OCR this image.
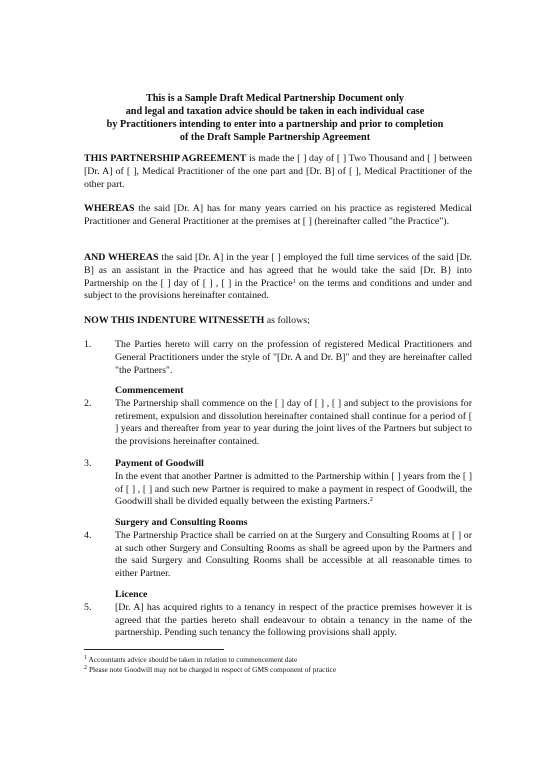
This is a Sample Draft Medical Partnership Document only
and legal and taxation advice should be taken in each individual case
by Practitioners intending to enter into a partnership and prior to completion
of the Draft Sample Partnership Agreement
THIS PARTNERSHIP AGREEMENT is made the [ ] day of [ ] Two Thousand and [ ] between [Dr. A] of [ ], Medical Practitioner of the one part and [Dr. B] of [ ], Medical Practitioner of the other part.
WHEREAS the said [Dr. A] has for many years carried on his practice as registered Medical Practitioner and General Practitioner at the premises at [ ] (hereinafter called "the Practice").
AND WHEREAS the said [Dr. A] in the year [ ] employed the full time services of the said [Dr. B] as an assistant in the Practice and has agreed that he would take the said [Dr. B} into Partnership on the [ ] day of [ ] , [ ] in the Practice$^1$ on the terms and conditions and under and subject to the provisions hereinafter contained.
NOW THIS INDENTURE WITNESSETH as follows;
1. The Parties hereto will carry on the profession of registered Medical Practitioners and General Practitioners under the style of "[Dr. A and Dr. B]" and they are hereinafter called "the Partners".
2.
Commencement
The Partnership shall commence on the [ ] day of [ ] , [ ] and subject to the provisions for retirement, expulsion and dissolution hereinafter contained shall continue for a period of [ ] years and thereafter from year to year during the joint lives of the Partners but subject to the provisions hereinafter contained.
3. Payment of Goodwill
In the event that another Partner is admitted to the Partnership within [ ] years from the [ ] of [ ] , [ ] and such new Partner is required to make a payment in respect of Goodwill, the Goodwill shall be divided equally between the existing Partners.$^2$
4.
Surgery and Consulting Rooms
The Partnership Practice shall be carried on at the Surgery and Consulting Rooms at [ ] or at such other Surgery and Consulting Rooms as shall be agreed upon by the Partners and the said Surgery and Consulting Rooms shall be accessible at all reasonable times to either Partner.
5.
Licence
[Dr. A] has acquired rights to a tenancy in respect of the practice premises however it is agreed that the parties hereto shall endeavour to obtain a tenancy in the name of the partnership. Pending such tenancy the following provisions shall apply.
$^1$ Accountants advice should be taken in relation to commencement date
$^2$ Please note Goodwill may not be charged in respect of GMS component of practice
